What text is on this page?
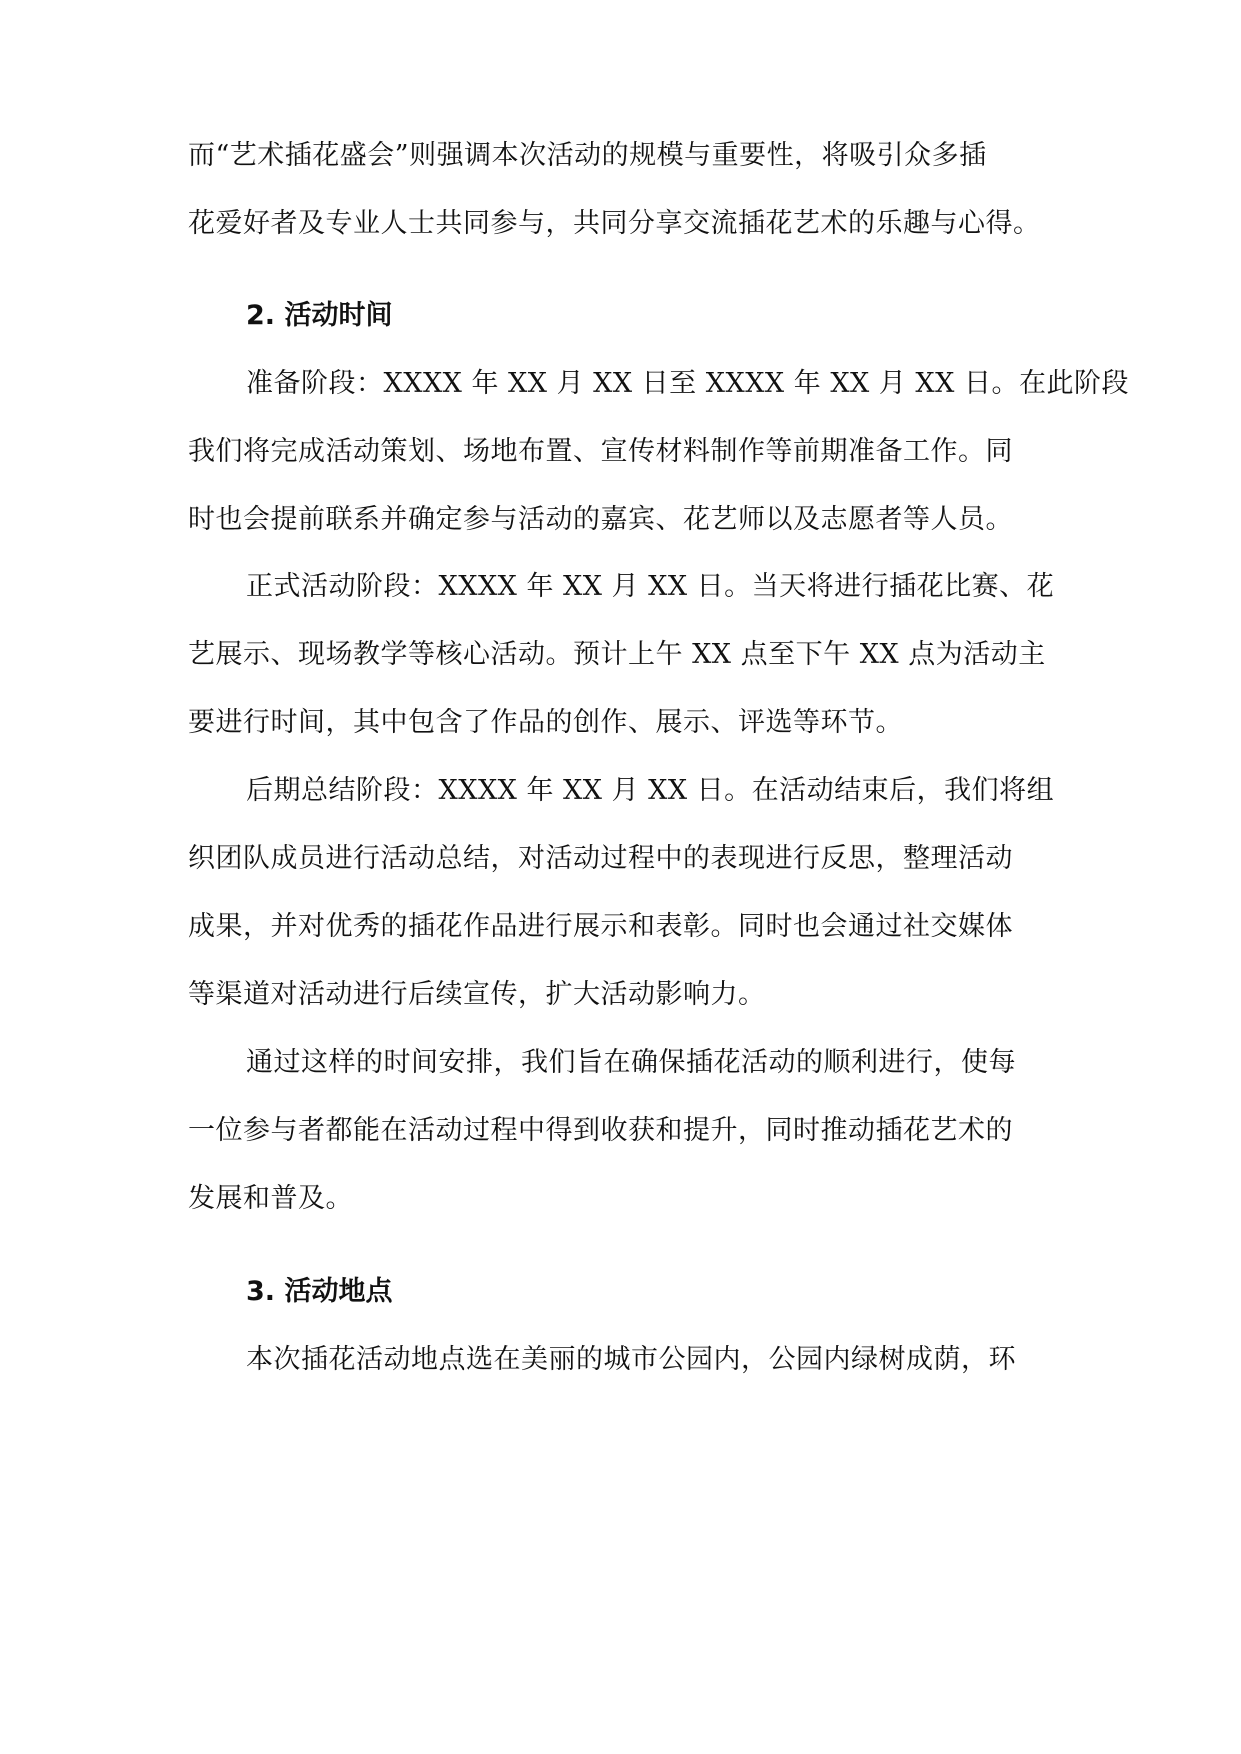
而“艺术插花盛会”则强调本次活动的规模与重要性，将吸引众多插
花爱好者及专业人士共同参与，共同分享交流插花艺术的乐趣与心得。
2. 活动时间
准备阶段：XXXX 年 XX 月 XX 日至 XXXX 年 XX 月 XX 日。在此阶段
我们将完成活动策划、场地布置、宣传材料制作等前期准备工作。同
时也会提前联系并确定参与活动的嘉宾、花艺师以及志愿者等人员。
正式活动阶段：XXXX 年 XX 月 XX 日。当天将进行插花比赛、花
艺展示、现场教学等核心活动。预计上午 XX 点至下午 XX 点为活动主
要进行时间，其中包含了作品的创作、展示、评选等环节。
后期总结阶段：XXXX 年 XX 月 XX 日。在活动结束后，我们将组
织团队成员进行活动总结，对活动过程中的表现进行反思，整理活动
成果，并对优秀的插花作品进行展示和表彰。同时也会通过社交媒体
等渠道对活动进行后续宣传，扩大活动影响力。
通过这样的时间安排，我们旨在确保插花活动的顺利进行，使每
一位参与者都能在活动过程中得到收获和提升，同时推动插花艺术的
发展和普及。
3. 活动地点
本次插花活动地点选在美丽的城市公园内，公园内绿树成荫，环
